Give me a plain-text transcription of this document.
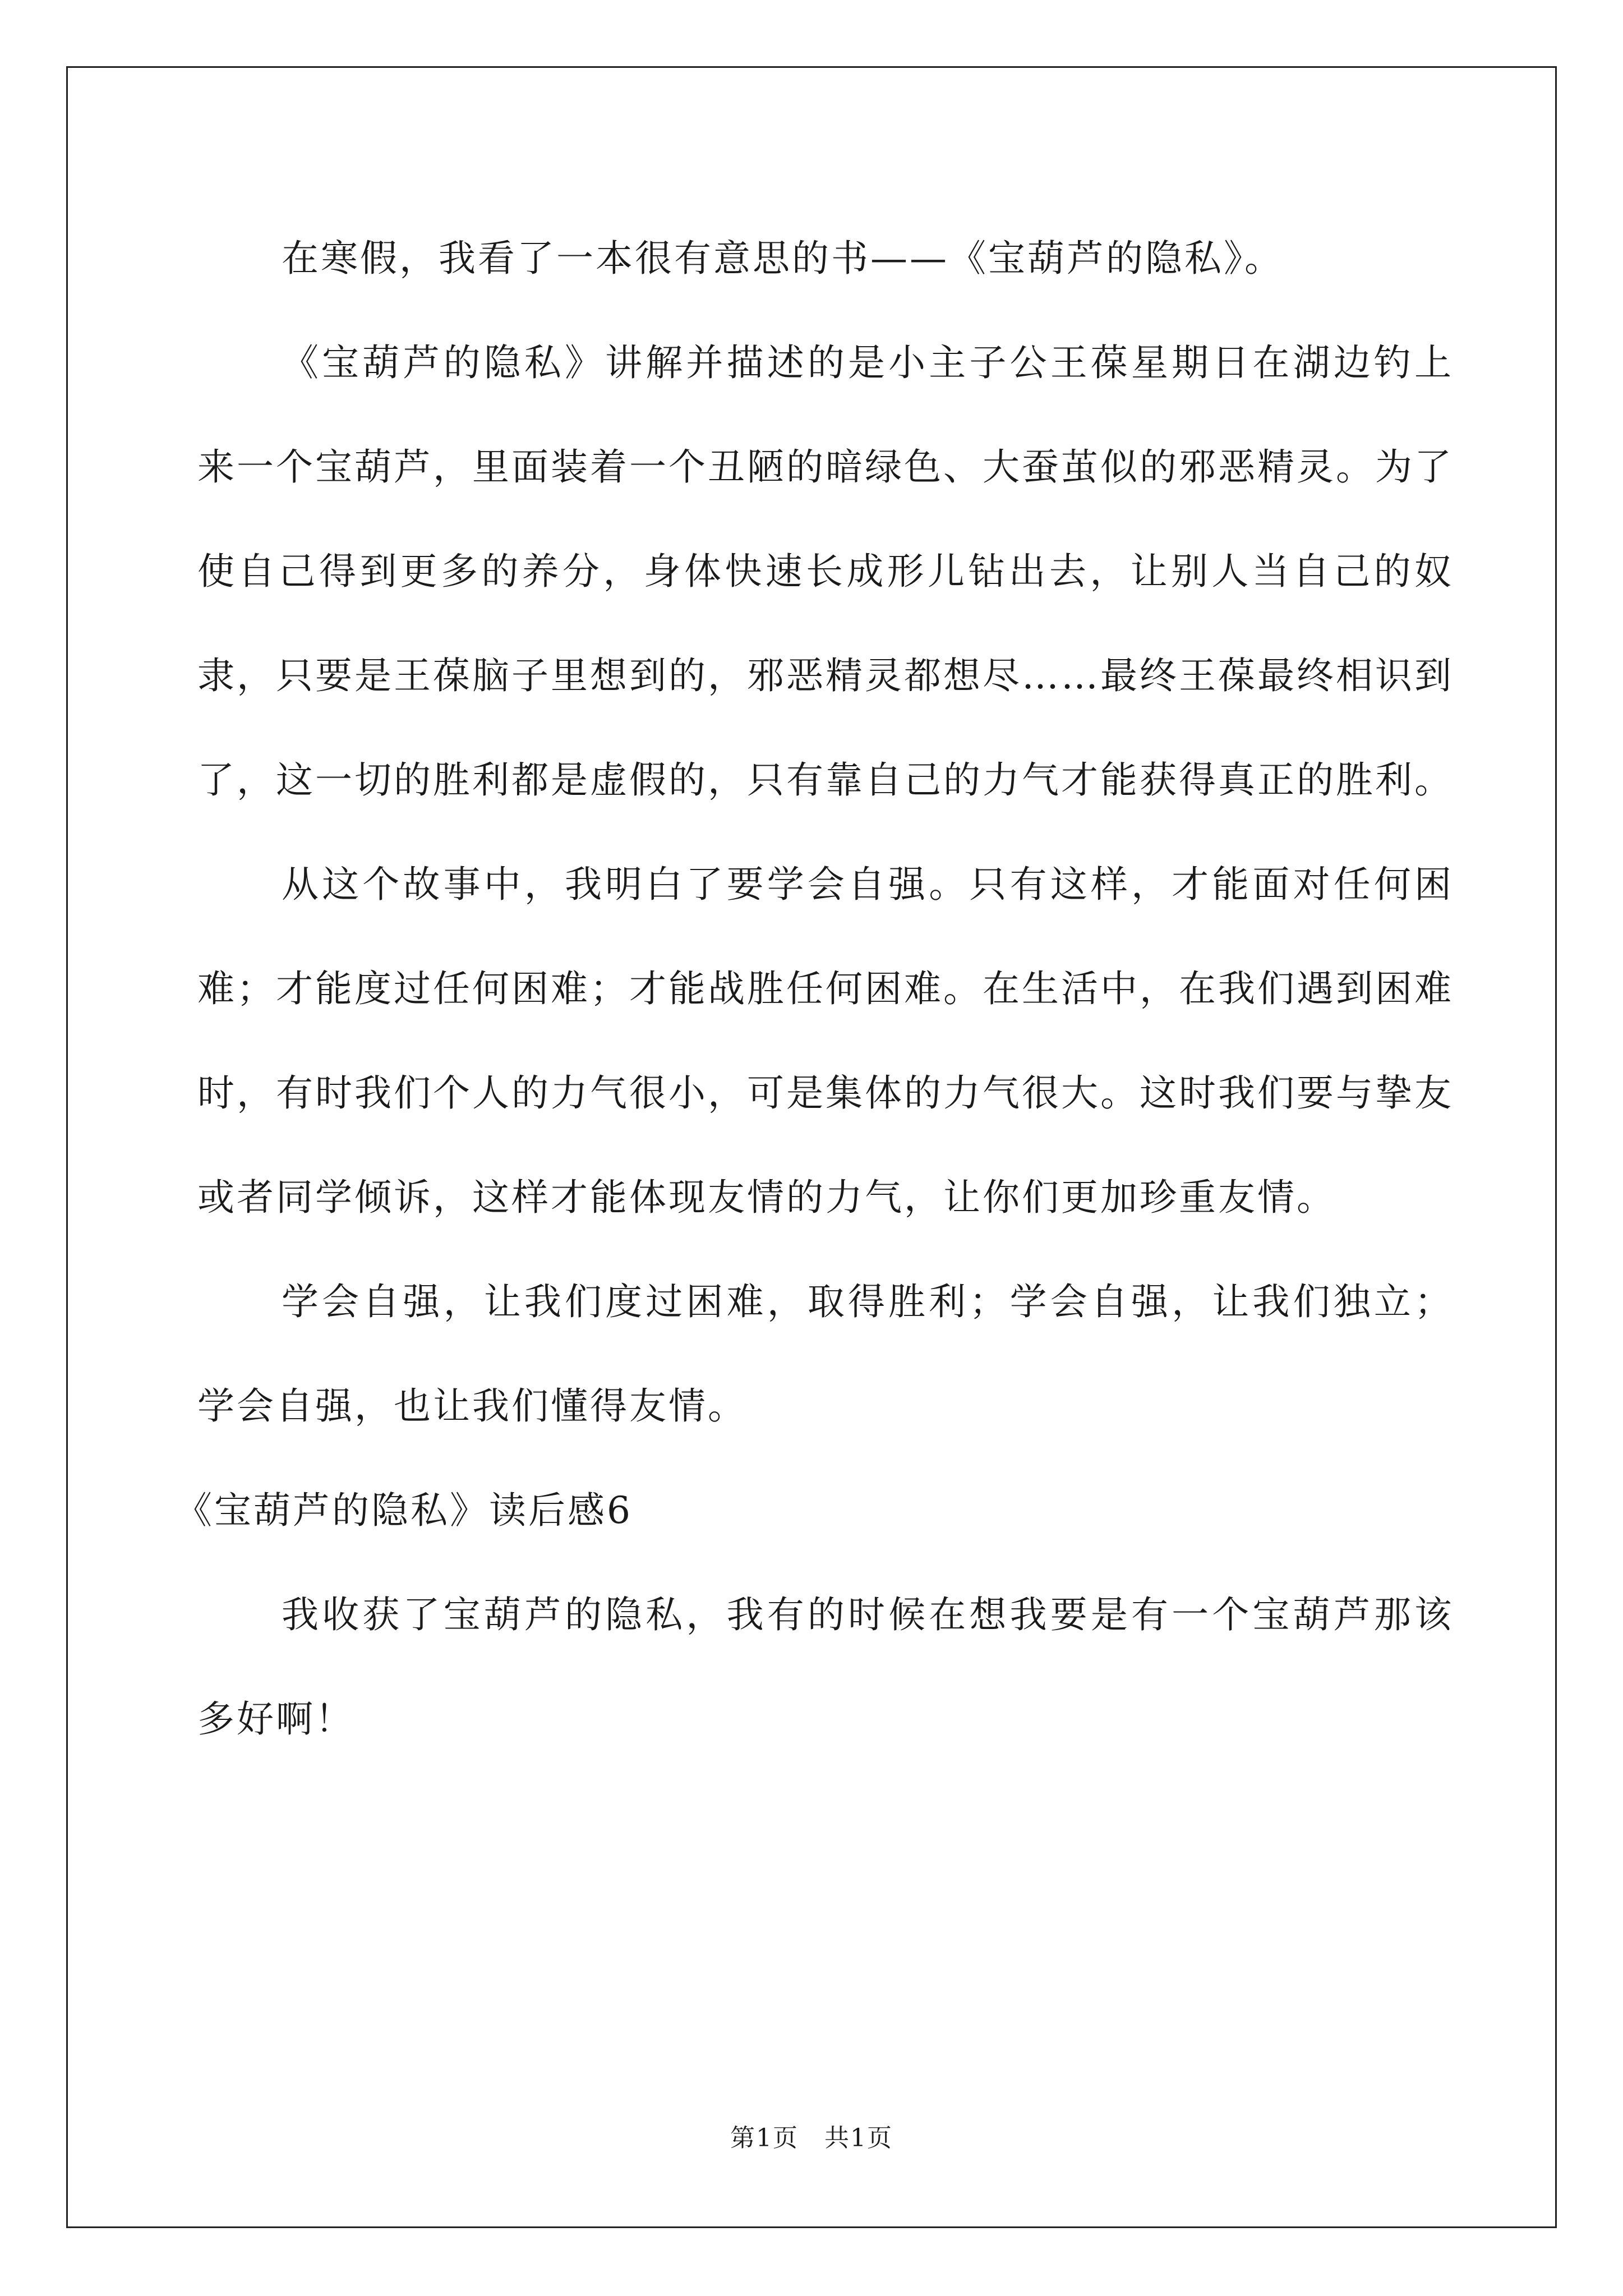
在寒假，我看了一本很有意思的书——《宝葫芦的隐私》。

《宝葫芦的隐私》讲解并描述的是小主子公王葆星期日在湖边钓上来一个宝葫芦，里面装着一个丑陋的暗绿色、大蚕茧似的邪恶精灵。为了使自己得到更多的养分，身体快速长成形儿钻出去，让别人当自己的奴隶，只要是王葆脑子里想到的，邪恶精灵都想尽……最终王葆最终相识到了，这一切的胜利都是虚假的，只有靠自己的力气才能获得真正的胜利。

从这个故事中，我明白了要学会自强。只有这样，才能面对任何困难；才能度过任何困难；才能战胜任何困难。在生活中，在我们遇到困难时，有时我们个人的力气很小，可是集体的力气很大。这时我们要与挚友或者同学倾诉，这样才能体现友情的力气，让你们更加珍重友情。

学会自强，让我们度过困难，取得胜利；学会自强，让我们独立；学会自强，也让我们懂得友情。

《宝葫芦的隐私》读后感6

我收获了宝葫芦的隐私，我有的时候在想我要是有一个宝葫芦那该多好啊！

第1页　共1页
